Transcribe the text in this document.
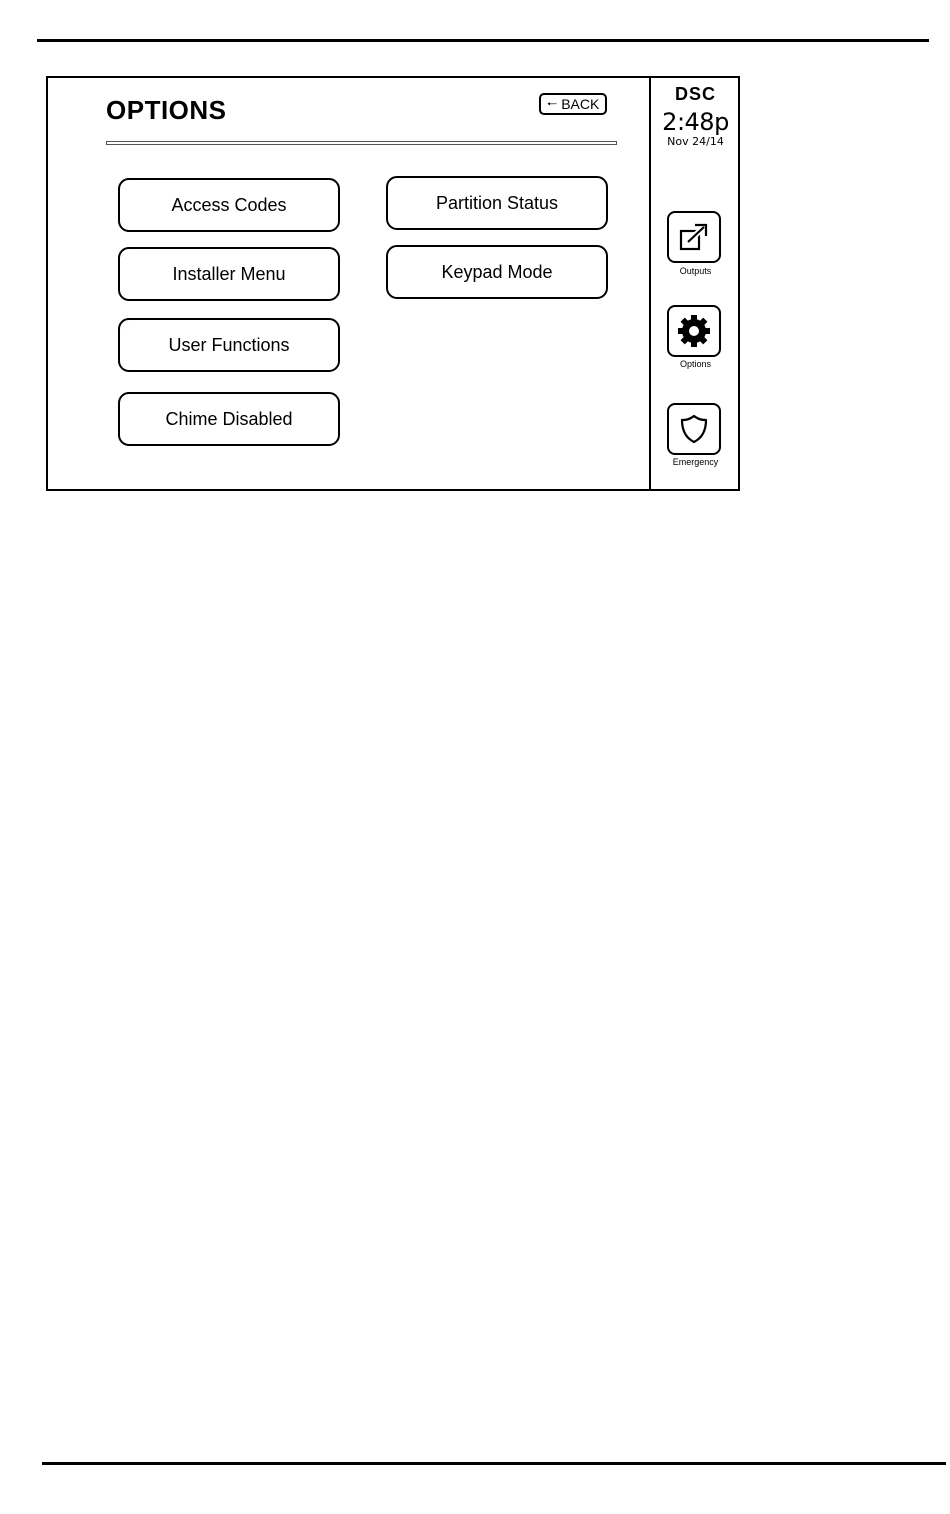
OPTIONS	🠐 BACK
Access Codes
Installer Menu
User Functions
Chime Disabled
Partition Status
Keypad Mode
DSC
2:48p
Nov 24/14
Outputs
Options
Emergency
